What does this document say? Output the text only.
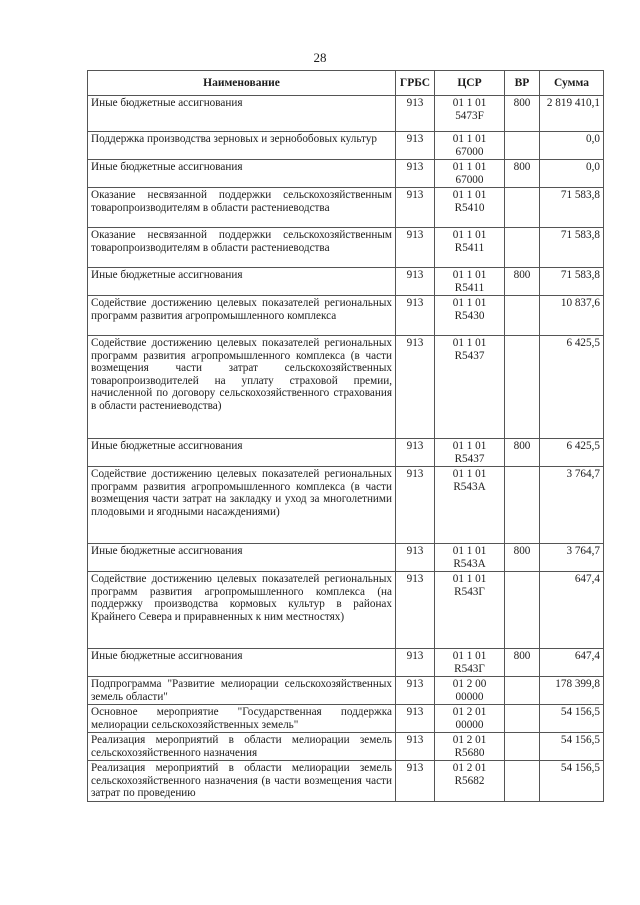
28
Наименование	ГРБС	ЦСР	ВР	Сумма
Иные бюджетные ассигнования	913	01 1 01 5473F	800	2 819 410,1
Поддержка производства зерновых и зернобобовых культур	913	01 1 01 67000		0,0
Иные бюджетные ассигнования	913	01 1 01 67000	800	0,0
Оказание несвязанной поддержки сельскохозяйственным товаропроизводителям в области растениеводства	913	01 1 01 R5410		71 583,8
Оказание несвязанной поддержки сельскохозяйственным товаропроизводителям в области растениеводства	913	01 1 01 R5411		71 583,8
Иные бюджетные ассигнования	913	01 1 01 R5411	800	71 583,8
Содействие достижению целевых показателей региональных программ развития агропромышленного комплекса	913	01 1 01 R5430		10 837,6
Содействие достижению целевых показателей региональных программ развития агропромышленного комплекса (в части возмещения части затрат сельскохозяйственных товаропроизводителей на уплату страховой премии, начисленной по договору сельскохозяйственного страхования в области растениеводства)	913	01 1 01 R5437		6 425,5
Иные бюджетные ассигнования	913	01 1 01 R5437	800	6 425,5
Содействие достижению целевых показателей региональных программ развития агропромышленного комплекса (в части возмещения части затрат на закладку и уход за многолетними плодовыми и ягодными насаждениями)	913	01 1 01 R543А		3 764,7
Иные бюджетные ассигнования	913	01 1 01 R543А	800	3 764,7
Содействие достижению целевых показателей региональных программ развития агропромышленного комплекса (на поддержку производства кормовых культур в районах Крайнего Севера и приравненных к ним местностях)	913	01 1 01 R543Г		647,4
Иные бюджетные ассигнования	913	01 1 01 R543Г	800	647,4
Подпрограмма "Развитие мелиорации сельскохозяйственных земель области"	913	01 2 00 00000		178 399,8
Основное мероприятие "Государственная поддержка мелиорации сельскохозяйственных земель"	913	01 2 01 00000		54 156,5
Реализация мероприятий в области мелиорации земель сельскохозяйственного назначения	913	01 2 01 R5680		54 156,5
Реализация мероприятий в области мелиорации земель сельскохозяйственного назначения (в части возмещения части затрат по проведению	913	01 2 01 R5682		54 156,5
